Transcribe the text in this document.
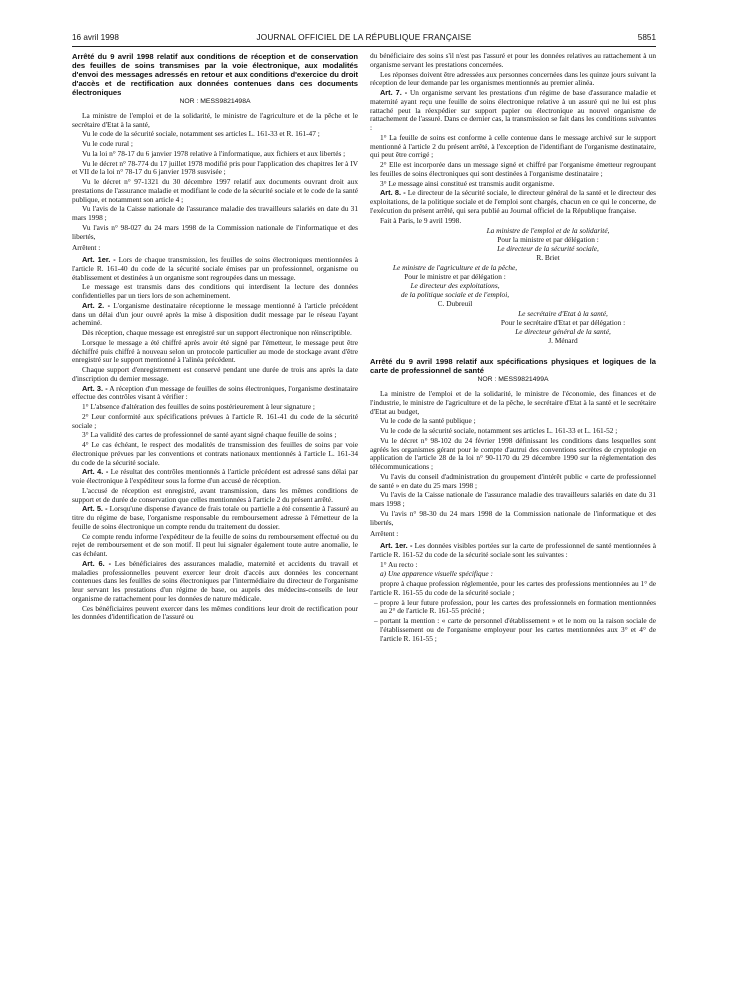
16 avril 1998	JOURNAL OFFICIEL DE LA RÉPUBLIQUE FRANÇAISE	5851
Arrêté du 9 avril 1998 relatif aux conditions de réception et de conservation des feuilles de soins transmises par la voie électronique, aux modalités d'envoi des messages adressés en retour et aux conditions d'exercice du droit d'accès et de rectification aux données contenues dans ces documents électroniques
NOR : MESS9821498A

La ministre de l'emploi et de la solidarité, le ministre de l'agriculture et de la pêche et le secrétaire d'Etat à la santé,

Vu le code de la sécurité sociale, notamment ses articles L. 161-33 et R. 161-47 ;

Vu le code rural ;

Vu la loi n° 78-17 du 6 janvier 1978 relative à l'informatique, aux fichiers et aux libertés ;

Vu le décret n° 78-774 du 17 juillet 1978 modifié pris pour l'application des chapitres Ier à IV et VII de la loi n° 78-17 du 6 janvier 1978 susvisée ;

Vu le décret n° 97-1321 du 30 décembre 1997 relatif aux documents ouvrant droit aux prestations de l'assurance maladie et modifiant le code de la sécurité sociale et le code de la santé publique, et notamment son article 4 ;

Vu l'avis de la Caisse nationale de l'assurance maladie des travailleurs salariés en date du 31 mars 1998 ;

Vu l'avis n° 98-027 du 24 mars 1998 de la Commission nationale de l'informatique et des libertés,

Arrêtent :

Art. 1er. - Lors de chaque transmission, les feuilles de soins électroniques mentionnées à l'article R. 161-40 du code de la sécurité sociale émises par un professionnel, organisme ou établissement et destinées à un organisme sont regroupées dans un message.

Le message est transmis dans des conditions qui interdisent la lecture des données confidentielles par un tiers lors de son acheminement.

Art. 2. - L'organisme destinataire réceptionne le message mentionné à l'article précédent dans un délai d'un jour ouvré après la mise à disposition dudit message par le réseau l'ayant acheminé.

Dès réception, chaque message est enregistré sur un support électronique non réinscriptible.

Lorsque le message a été chiffré après avoir été signé par l'émetteur, le message peut être déchiffré puis chiffré à nouveau selon un protocole particulier au mode de stockage avant d'être enregistré sur le support mentionné à l'alinéa précédent.

Chaque support d'enregistrement est conservé pendant une durée de trois ans après la date d'inscription du dernier message.

Art. 3. - A réception d'un message de feuilles de soins électroniques, l'organisme destinataire effectue des contrôles visant à vérifier :

1° L'absence d'altération des feuilles de soins postérieurement à leur signature ;

2° Leur conformité aux spécifications prévues à l'article R. 161-41 du code de la sécurité sociale ;

3° La validité des cartes de professionnel de santé ayant signé chaque feuille de soins ;

4° Le cas échéant, le respect des modalités de transmission des feuilles de soins par voie électronique prévues par les conventions et contrats nationaux mentionnés à l'article L. 161-34 du code de la sécurité sociale.

Art. 4. - Le résultat des contrôles mentionnés à l'article précédent est adressé sans délai par voie électronique à l'expéditeur sous la forme d'un accusé de réception.

L'accusé de réception est enregistré, avant transmission, dans les mêmes conditions de support et de durée de conservation que celles mentionnées à l'article 2 du présent arrêté.

Art. 5. - Lorsqu'une dispense d'avance de frais totale ou partielle a été consentie à l'assuré au titre du régime de base, l'organisme responsable du remboursement adresse à l'émetteur de la feuille de soins électronique un compte rendu du traitement du dossier.

Ce compte rendu informe l'expéditeur de la feuille de soins du remboursement effectué ou du rejet de remboursement et de son motif. Il peut lui signaler également toute autre anomalie, le cas échéant.

Art. 6. - Les bénéficiaires des assurances maladie, maternité et accidents du travail et maladies professionnelles peuvent exercer leur droit d'accès aux données les concernant contenues dans les feuilles de soins électroniques par l'intermédiaire du directeur de l'organisme leur servant les prestations d'un régime de base, ou auprès des médecins-conseils de leur organisme de rattachement pour les données de nature médicale.

Ces bénéficiaires peuvent exercer dans les mêmes conditions leur droit de rectification pour les données d'identification de l'assuré ou

du bénéficiaire des soins s'il n'est pas l'assuré et pour les données relatives au rattachement à un organisme servant les prestations concernées.

Les réponses doivent être adressées aux personnes concernées dans les quinze jours suivant la réception de leur demande par les organismes mentionnés au premier alinéa.

Art. 7. - Un organisme servant les prestations d'un régime de base d'assurance maladie et maternité ayant reçu une feuille de soins électronique relative à un assuré qui ne lui est plus rattaché peut la réexpédier sur support papier ou électronique au nouvel organisme de rattachement de l'assuré. Dans ce dernier cas, la transmission se fait dans les conditions suivantes :

1° La feuille de soins est conforme à celle contenue dans le message archivé sur le support mentionné à l'article 2 du présent arrêté, à l'exception de l'identifiant de l'organisme destinataire, qui peut être corrigé ;

2° Elle est incorporée dans un message signé et chiffré par l'organisme émetteur regroupant les feuilles de soins électroniques qui sont destinées à l'organisme destinataire ;

3° Le message ainsi constitué est transmis audit organisme.

Art. 8. - Le directeur de la sécurité sociale, le directeur général de la santé et le directeur des exploitations, de la politique sociale et de l'emploi sont chargés, chacun en ce qui le concerne, de l'exécution du présent arrêté, qui sera publié au Journal officiel de la République française.

Fait à Paris, le 9 avril 1998.

La ministre de l'emploi et de la solidarité,
Pour la ministre et par délégation :
Le directeur de la sécurité sociale,
R. Briet
Le ministre de l'agriculture et de la pêche,
Pour le ministre et par délégation :
Le directeur des exploitations,
de la politique sociale et de l'emploi,
C. Dubreuil
Le secrétaire d'Etat à la santé,
Pour le secrétaire d'Etat et par délégation :
Le directeur général de la santé,
J. Ménard
Arrêté du 9 avril 1998 relatif aux spécifications physiques et logiques de la carte de professionnel de santé
NOR : MESS9821499A

La ministre de l'emploi et de la solidarité, le ministre de l'économie, des finances et de l'industrie, le ministre de l'agriculture et de la pêche, le secrétaire d'Etat à la santé et le secrétaire d'Etat au budget,

Vu le code de la santé publique ;

Vu le code de la sécurité sociale, notamment ses articles L. 161-33 et L. 161-52 ;

Vu le décret n° 98-102 du 24 février 1998 définissant les conditions dans lesquelles sont agréés les organismes gérant pour le compte d'autrui des conventions secrètes de cryptologie en application de l'article 28 de la loi n° 90-1170 du 29 décembre 1990 sur la réglementation des télécommunications ;

Vu l'avis du conseil d'administration du groupement d'intérêt public « carte de professionnel de santé » en date du 25 mars 1998 ;

Vu l'avis de la Caisse nationale de l'assurance maladie des travailleurs salariés en date du 31 mars 1998 ;

Vu l'avis n° 98-30 du 24 mars 1998 de la Commission nationale de l'informatique et des libertés,

Arrêtent :

Art. 1er. - Les données visibles portées sur la carte de professionnel de santé mentionnées à l'article R. 161-52 du code de la sécurité sociale sont les suivantes :

1° Au recto :

a) Une apparence visuelle spécifique :

propre à chaque profession réglementée, pour les cartes des professions mentionnées au 1° de l'article R. 161-55 du code de la sécurité sociale ;

– propre à leur future profession, pour les cartes des professionnels en formation mentionnées au 2° de l'article R. 161-55 précité ;

– portant la mention : « carte de personnel d'établissement » et le nom ou la raison sociale de l'établissement ou de l'organisme employeur pour les cartes mentionnées aux 3° et 4° de l'article R. 161-55 ;
